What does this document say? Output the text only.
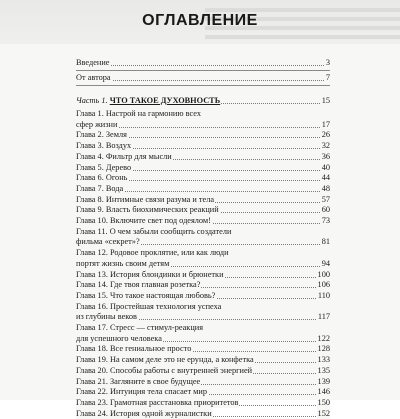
ОГЛАВЛЕНИЕ
Введение	3
От автора	7
Часть 1. ЧТО ТАКОЕ ДУХОВНОСТЬ	15
Глава 1. Настрой на гармонию всех
сфер жизни	17
Глава 2. Земля	26
Глава 3. Воздух	32
Глава 4. Фильтр для мысли	36
Глава 5. Дерево	40
Глава 6. Огонь	44
Глава 7. Вода	48
Глава 8. Интимные связи разума и тела	57
Глава 9. Власть биохимических реакций	60
Глава 10. Включите свет под одеялом!	73
Глава 11. О чем забыли сообщить создатели
фильма «секрет»?	81
Глава 12. Родовое проклятие, или как люди
портят жизнь своим детям	94
Глава 13. История блондинки и брюнетки	100
Глава 14. Где твоя главная розетка?	106
Глава 15. Что такое настоящая любовь?	110
Глава 16. Простейшая технология успеха
из глубины веков	117
Глава 17. Стресс — стимул-реакция
для успешного человека	122
Глава 18. Все гениальное просто	128
Глава 19. На самом деле это не ерунда, а конфетка	133
Глава 20. Способы работы с внутренней энергией	135
Глава 21. Загляните в свое будущее	139
Глава 22. Интуиция тела спасает мир	146
Глава 23. Грамотная расстановка приоритетов	150
Глава 24. История одной журналистки	152
